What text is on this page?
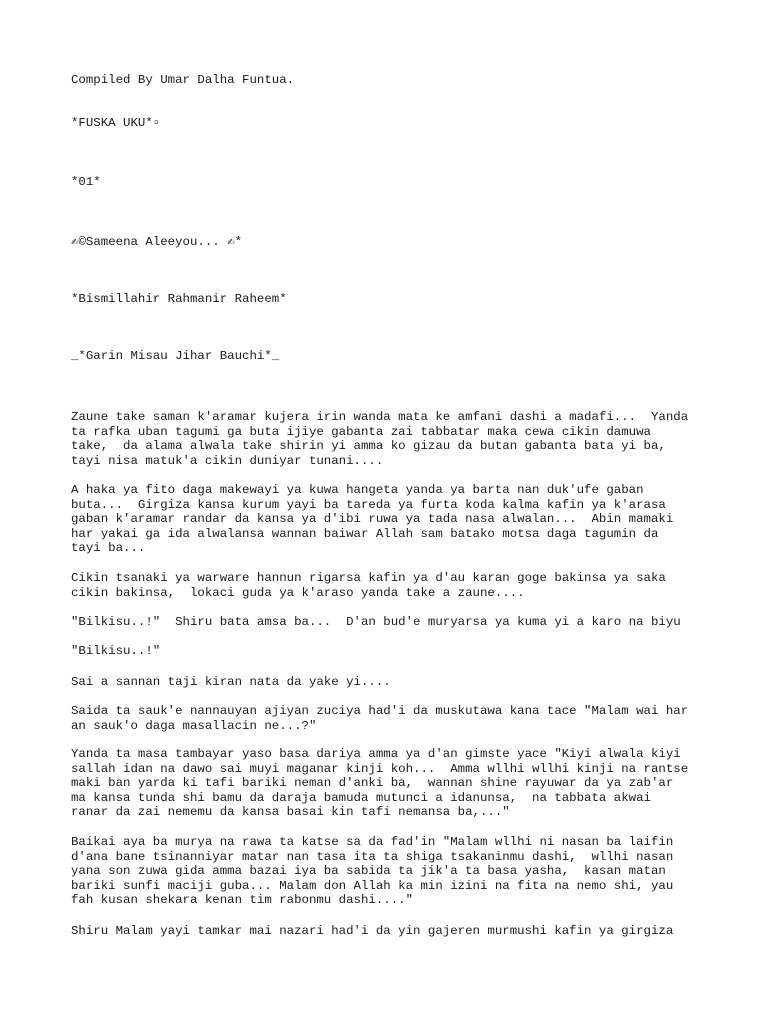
Compiled By Umar Dalha Funtua.

*FUSKA UKU*▫

*01*

✍©Sameena Aleeyou... ✍*

*Bismillahir Rahmanir Raheem*

_*Garin Misau Jihar Bauchi*_

Zaune take saman k'aramar kujera irin wanda mata ke amfani dashi a madafi...  Yanda
ta rafka uban tagumi ga buta ijiye gabanta zai tabbatar maka cewa cikin damuwa
take,  da alama alwala take shirin yi amma ko gizau da butan gabanta bata yi ba,
tayi nisa matuk'a cikin duniyar tunani....
A haka ya fito daga makewayi ya kuwa hangeta yanda ya barta nan duk'ufe gaban
buta...  Girgiza kansa kurum yayi ba tareda ya furta koda kalma kafin ya k'arasa
gaban k'aramar randar da kansa ya d'ibi ruwa ya tada nasa alwalan...  Abin mamaki
har yakai ga ida alwalansa wannan baiwar Allah sam batako motsa daga tagumin da
tayi ba...
Cikin tsanaki ya warware hannun rigarsa kafin ya d'au karan goge bakinsa ya saka
cikin bakinsa,  lokaci guda ya k'araso yanda take a zaune....
"Bilkisu..!"  Shiru bata amsa ba...  D'an bud'e muryarsa ya kuma yi a karo na biyu
"Bilkisu..!"
Sai a sannan taji kiran nata da yake yi....
Saida ta sauk'e nannauyan ajiyan zuciya had'i da muskutawa kana tace "Malam wai har
an sauk'o daga masallacin ne...?"
Yanda ta masa tambayar yaso basa dariya amma ya d'an gimste yace "Kiyi alwala kiyi
sallah idan na dawo sai muyi maganar kinji koh...  Amma wllhi wllhi kinji na rantse
maki ban yarda ki tafi bariki neman d'anki ba,  wannan shine rayuwar da ya zab'ar
ma kansa tunda shi bamu da daraja bamuda mutunci a idanunsa,  na tabbata akwai
ranar da zai nememu da kansa basai kin tafi nemansa ba,..."
Baikai aya ba murya na rawa ta katse sa da fad'in "Malam wllhi ni nasan ba laifin
d'ana bane tsinanniyar matar nan tasa ita ta shiga tsakaninmu dashi,  wllhi nasan
yana son zuwa gida amma bazai iya ba sabida ta jik'a ta basa yasha,  kasan matan
bariki sunfi maciji guba... Malam don Allah ka min izini na fita na nemo shi, yau
fah kusan shekara kenan tim rabonmu dashi...."
Shiru Malam yayi tamkar mai nazari had'i da yin gajeren murmushi kafin ya girgiza
